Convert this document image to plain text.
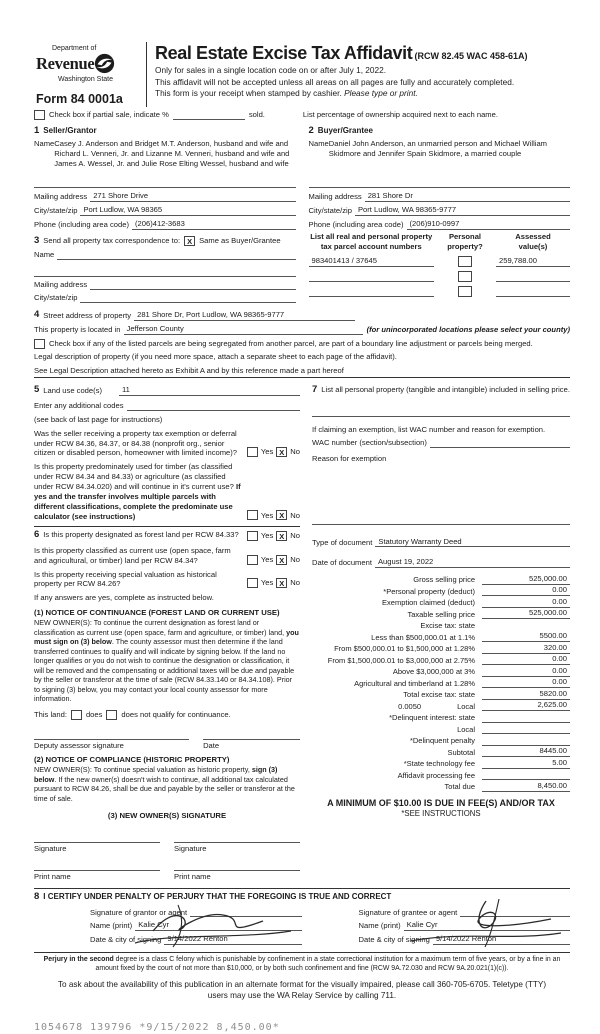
Department of
Revenue
Washington State
Form 84 0001a
Real Estate Excise Tax Affidavit (RCW 82.45 WAC 458-61A)
Only for sales in a single location code on or after July 1, 2022.
This affidavit will not be accepted unless all areas on all pages are fully and accurately completed.
This form is your receipt when stamped by cashier. Please type or print.
Check box if partial sale, indicate %	sold.	List percentage of ownership acquired next to each name.
1 Seller/Grantor
Name Casey J. Anderson and Bridget M.T. Anderson, husband and wife and Richard L. Venneri, Jr. and Lizanne M. Venneri, husband and wife and James A. Wessel, Jr. and Julie Rose Elting Wessel, husband and wife
Mailing address 271 Shore Drive
City/state/zip Port Ludlow, WA 98365
Phone (including area code) (206)412-3683
2 Buyer/Grantee
Name Daniel John Anderson, an unmarried person and Michael William Skidmore and Jennifer Spain Skidmore, a married couple
Mailing address 281 Shore Dr
City/state/zip Port Ludlow, WA 98365-9777
Phone (including area code) (206)910-0997
3 Send all property tax correspondence to: X Same as Buyer/Grantee
Name
Mailing address
City/state/zip
List all real and personal property
tax parcel account numbers
Personal
property?
Assessed
value(s)
983401413 / 37645	259,788.00
4 Street address of property 281 Shore Dr, Port Ludlow, WA 98365-9777
This property is located in Jefferson County	(for unincorporated locations please select your county)
Check box if any of the listed parcels are being segregated from another parcel, are part of a boundary line adjustment or parcels being merged.
Legal description of property (if you need more space, attach a separate sheet to each page of the affidavit).
See Legal Description attached hereto as Exhibit A and by this reference made a part hereof
5 Land use code(s)	11
Enter any additional codes
(see back of last page for instructions)
Was the seller receiving a property tax exemption or deferral under RCW 84.36, 84.37, or 84.38 (nonprofit org., senior citizen or disabled person, homeowner with limited income)?	Yes X No
Is this property predominately used for timber (as classified under RCW 84.34 and 84.33) or agriculture (as classified under RCW 84.34.020) and will continue in it's current use? If yes and the transfer involves multiple parcels with different classifications, complete the predominate use calculator (see instructions)	Yes X No
6 Is this property designated as forest land per RCW 84.33?	Yes X No
Is this property classified as current use (open space, farm and agricultural, or timber) land per RCW 84.34?	Yes X No
Is this property receiving special valuation as historical property per RCW 84.26?	Yes X No
If any answers are yes, complete as instructed below.
(1) NOTICE OF CONTINUANCE (FOREST LAND OR CURRENT USE)
NEW OWNER(S): To continue the current designation as forest land or classification as current use (open space, farm and agriculture, or timber) land, you must sign on (3) below. The county assessor must then determine if the land transferred continues to qualify and will indicate by signing below. If the land no longer qualifies or you do not wish to continue the designation or classification, it will be removed and the compensating or additional taxes will be due and payable by the seller or transferor at the time of sale (RCW 84.33.140 or 84.34.108). Prior to signing (3) below, you may contact your local county assessor for more information.
This land:	does	does not qualify for continuance.
Deputy assessor signature	Date
(2) NOTICE OF COMPLIANCE (HISTORIC PROPERTY)
NEW OWNER(S): To continue special valuation as historic property, sign (3) below. If the new owner(s) doesn't wish to continue, all additional tax calculated pursuant to RCW 84.26, shall be due and payable by the seller or transferor at the time of sale.
(3) NEW OWNER(S) SIGNATURE
Signature	Signature
Print name	Print name
7 List all personal property (tangible and intangible) included in selling price.
If claiming an exemption, list WAC number and reason for exemption.
WAC number (section/subsection)
Reason for exemption
Type of document Statutory Warranty Deed
Date of document August 19, 2022
Gross selling price	525,000.00
*Personal property (deduct)	0.00
Exemption claimed (deduct)	0.00
Taxable selling price	525,000.00
Excise tax: state
Less than $500,000.01 at 1.1%	5500.00
From $500,000.01 to $1,500,000 at 1.28%	320.00
From $1,500,000.01 to $3,000,000 at 2.75%	0.00
Above $3,000,000 at 3%	0.00
Agricultural and timberland at 1.28%	0.00
Total excise tax: state	5820.00
0.0050	Local	2,625.00
*Delinquent interest: state
Local
*Delinquent penalty
Subtotal	8445.00
*State technology fee	5.00
Affidavit processing fee
Total due	8,450.00
A MINIMUM OF $10.00 IS DUE IN FEE(S) AND/OR TAX
*SEE INSTRUCTIONS
8 I CERTIFY UNDER PENALTY OF PERJURY THAT THE FOREGOING IS TRUE AND CORRECT
Signature of grantor or agent
Name (print) Kalie Cyr
Date & city of signing 9/14/2022 Renton
Signature of grantee or agent
Name (print) Kalie Cyr
Date & city of signing 9/14/2022 Renton
Perjury in the second degree is a class C felony which is punishable by confinement in a state correctional institution for a maximum term of five years, or by a fine in an amount fixed by the court of not more than $10,000, or by both such confinement and fine (RCW 9A.72.030 and RCW 9A.20.021(1)(c)).
To ask about the availability of this publication in an alternate format for the visually impaired, please call 360-705-6705. Teletype (TTY) users may use the WA Relay Service by calling 711.
1054678 139796 *9/15/2022 8,450.00*
